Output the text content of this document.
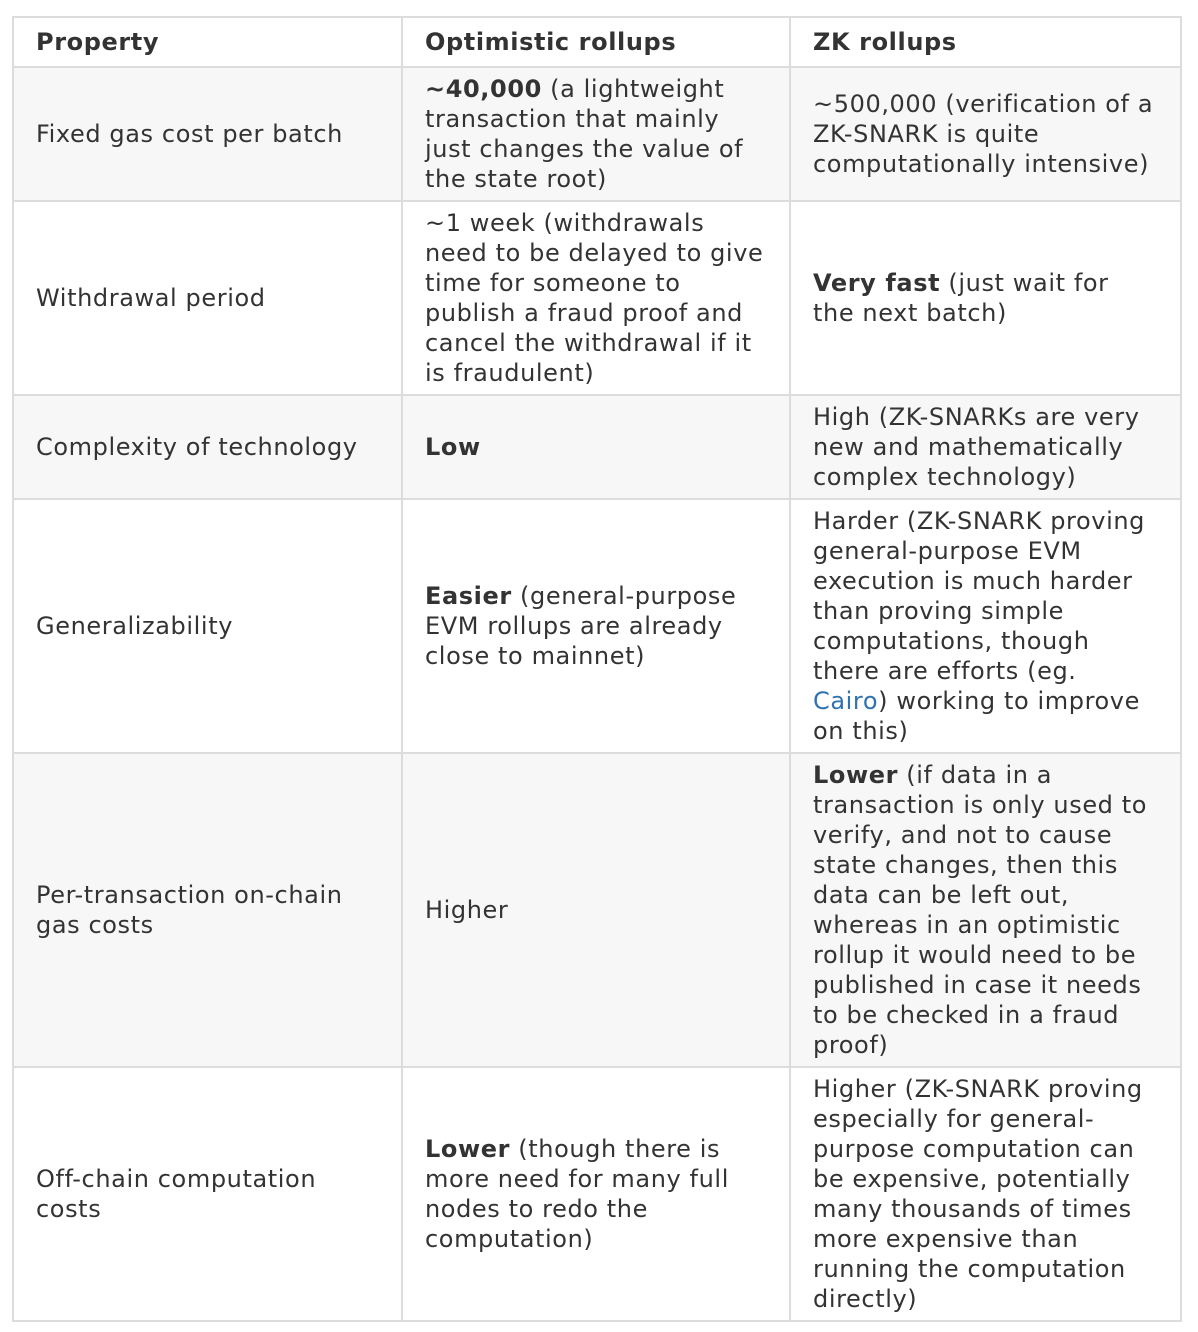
Property	Optimistic rollups	ZK rollups
Fixed gas cost per batch	~40,000 (a lightweight transaction that mainly just changes the value of the state root)	~500,000 (verification of a ZK-SNARK is quite computationally intensive)
Withdrawal period	~1 week (withdrawals need to be delayed to give time for someone to publish a fraud proof and cancel the withdrawal if it is fraudulent)	Very fast (just wait for the next batch)
Complexity of technology	Low	High (ZK-SNARKs are very new and mathematically complex technology)
Generalizability	Easier (general-purpose EVM rollups are already close to mainnet)	Harder (ZK-SNARK proving general-purpose EVM execution is much harder than proving simple computations, though there are efforts (eg. Cairo) working to improve on this)
Per-transaction on-chain gas costs	Higher	Lower (if data in a transaction is only used to verify, and not to cause state changes, then this data can be left out, whereas in an optimistic rollup it would need to be published in case it needs to be checked in a fraud proof)
Off-chain computation costs	Lower (though there is more need for many full nodes to redo the computation)	Higher (ZK-SNARK proving especially for general-purpose computation can be expensive, potentially many thousands of times more expensive than running the computation directly)
